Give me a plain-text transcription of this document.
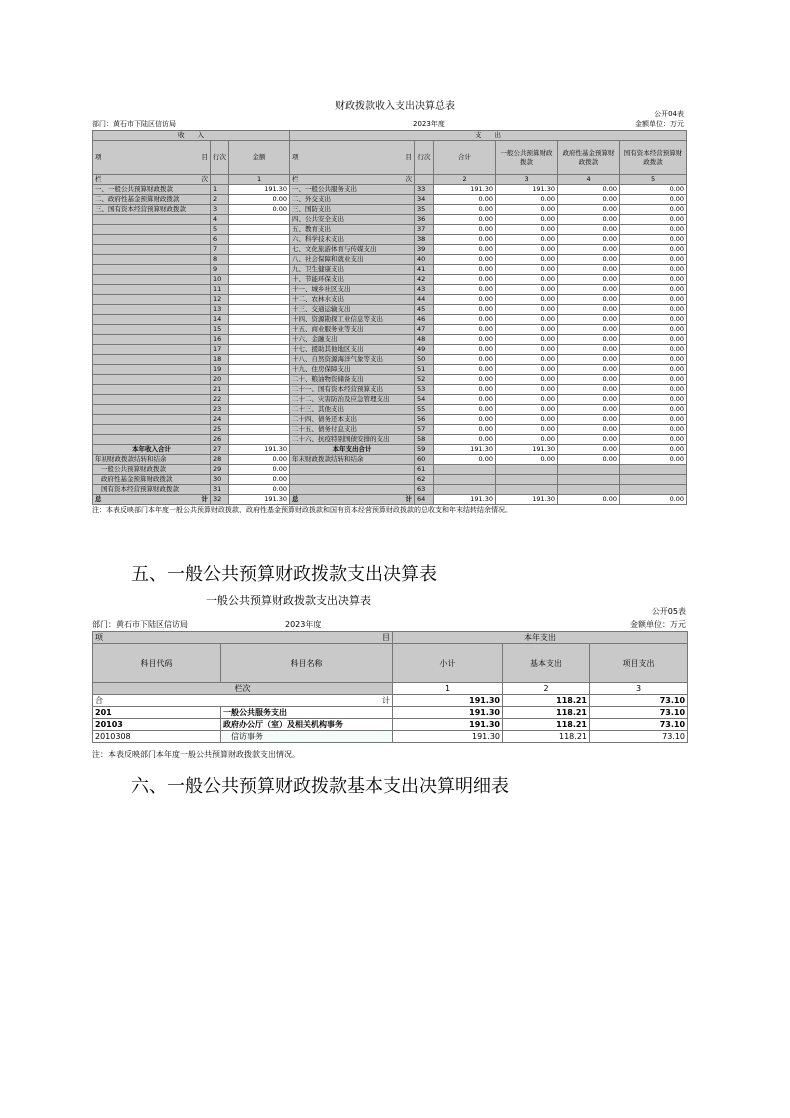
财政拨款收入支出决算总表
公开04表
部门：黄石市下陆区信访局	2023年度	金额单位：万元
收　　入			支　　出					
项 目	行次	金额	项 目	行次	合计	一般公共预算财政拨款	政府性基金预算财政拨款	国有资本经营预算财政拨款
栏 次		1	栏 次		2	3	4	5
一、一般公共预算财政拨款	1	191.30	一、一般公共服务支出	33	191.30	191.30	0.00	0.00
二、政府性基金预算财政拨款	2	0.00	二、外交支出	34	0.00	0.00	0.00	0.00
三、国有资本经营预算财政拨款	3	0.00	三、国防支出	35	0.00	0.00	0.00	0.00
	4		四、公共安全支出	36	0.00	0.00	0.00	0.00
	5		五、教育支出	37	0.00	0.00	0.00	0.00
	6		六、科学技术支出	38	0.00	0.00	0.00	0.00
	7		七、文化旅游体育与传媒支出	39	0.00	0.00	0.00	0.00
	8		八、社会保障和就业支出	40	0.00	0.00	0.00	0.00
	9		九、卫生健康支出	41	0.00	0.00	0.00	0.00
	10		十、节能环保支出	42	0.00	0.00	0.00	0.00
	11		十一、城乡社区支出	43	0.00	0.00	0.00	0.00
	12		十二、农林水支出	44	0.00	0.00	0.00	0.00
	13		十三、交通运输支出	45	0.00	0.00	0.00	0.00
	14		十四、资源勘探工业信息等支出	46	0.00	0.00	0.00	0.00
	15		十五、商业服务业等支出	47	0.00	0.00	0.00	0.00
	16		十六、金融支出	48	0.00	0.00	0.00	0.00
	17		十七、援助其他地区支出	49	0.00	0.00	0.00	0.00
	18		十八、自然资源海洋气象等支出	50	0.00	0.00	0.00	0.00
	19		十九、住房保障支出	51	0.00	0.00	0.00	0.00
	20		二十、粮油物资储备支出	52	0.00	0.00	0.00	0.00
	21		二十一、国有资本经营预算支出	53	0.00	0.00	0.00	0.00
	22		二十二、灾害防治及应急管理支出	54	0.00	0.00	0.00	0.00
	23		二十三、其他支出	55	0.00	0.00	0.00	0.00
	24		二十四、债务还本支出	56	0.00	0.00	0.00	0.00
	25		二十五、债务付息支出	57	0.00	0.00	0.00	0.00
	26		二十六、抗疫特别国债安排的支出	58	0.00	0.00	0.00	0.00
本年收入合计	27	191.30	本年支出合计	59	191.30	191.30	0.00	0.00
年初财政拨款结转和结余	28	0.00	年末财政拨款结转和结余	60	0.00	0.00	0.00	0.00
一般公共预算财政拨款	29	0.00		61				
政府性基金预算财政拨款	30	0.00		62				
国有资本经营预算财政拨款	31	0.00		63				
总 计	32	191.30	总 计	64	191.30	191.30	0.00	0.00
五、一般公共预算财政拨款支出决算表
一般公共预算财政拨款支出决算表
公开05表
部门：黄石市下陆区信访局	2023年度	金额单位：万元
项 目		本年支出		
科目代码	科目名称	小计	基本支出	项目支出
栏次		1	2	3
合 计		191.30	118.21	73.10
201	一般公共服务支出	191.30	118.21	73.10
20103	政府办公厅（室）及相关机构事务	191.30	118.21	73.10
2010308	　信访事务	191.30	118.21	73.10
注：本表反映部门本年度一般公共预算财政拨款支出情况。
六、一般公共预算财政拨款基本支出决算明细表
注：本表反映部门本年度一般公共预算财政拨款、政府性基金预算财政拨款和国有资本经营预算财政拨款的总收支和年末结转结余情况。
